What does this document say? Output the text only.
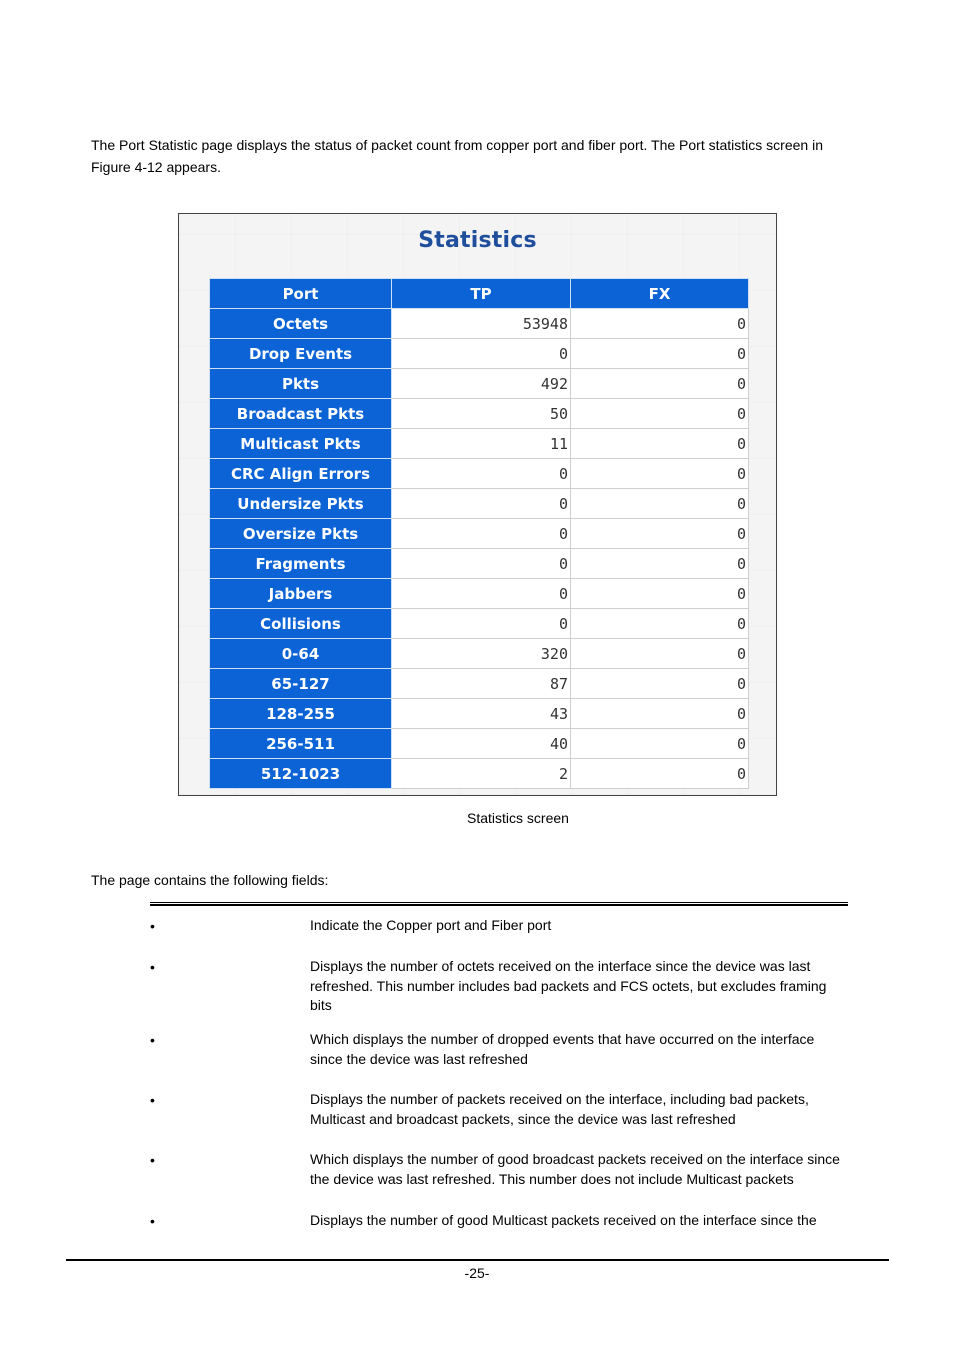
The Port Statistic page displays the status of packet count from copper port and fiber port. The Port statistics screen in Figure 4-12 appears.

Statistics
Port	TP	FX
Octets	53948	0
Drop Events	0	0
Pkts	492	0
Broadcast Pkts	50	0
Multicast Pkts	11	0
CRC Align Errors	0	0
Undersize Pkts	0	0
Oversize Pkts	0	0
Fragments	0	0
Jabbers	0	0
Collisions	0	0
0-64	320	0
65-127	87	0
128-255	43	0
256-511	40	0
512-1023	2	0
Statistics screen
The page contains the following fields:
•	Indicate the Copper port and Fiber port
•	Displays the number of octets received on the interface since the device was last refreshed. This number includes bad packets and FCS octets, but excludes framing bits
•	Which displays the number of dropped events that have occurred on the interface since the device was last refreshed
•	Displays the number of packets received on the interface, including bad packets, Multicast and broadcast packets, since the device was last refreshed
•	Which displays the number of good broadcast packets received on the interface since the device was last refreshed. This number does not include Multicast packets
•	Displays the number of good Multicast packets received on the interface since the
-25-
